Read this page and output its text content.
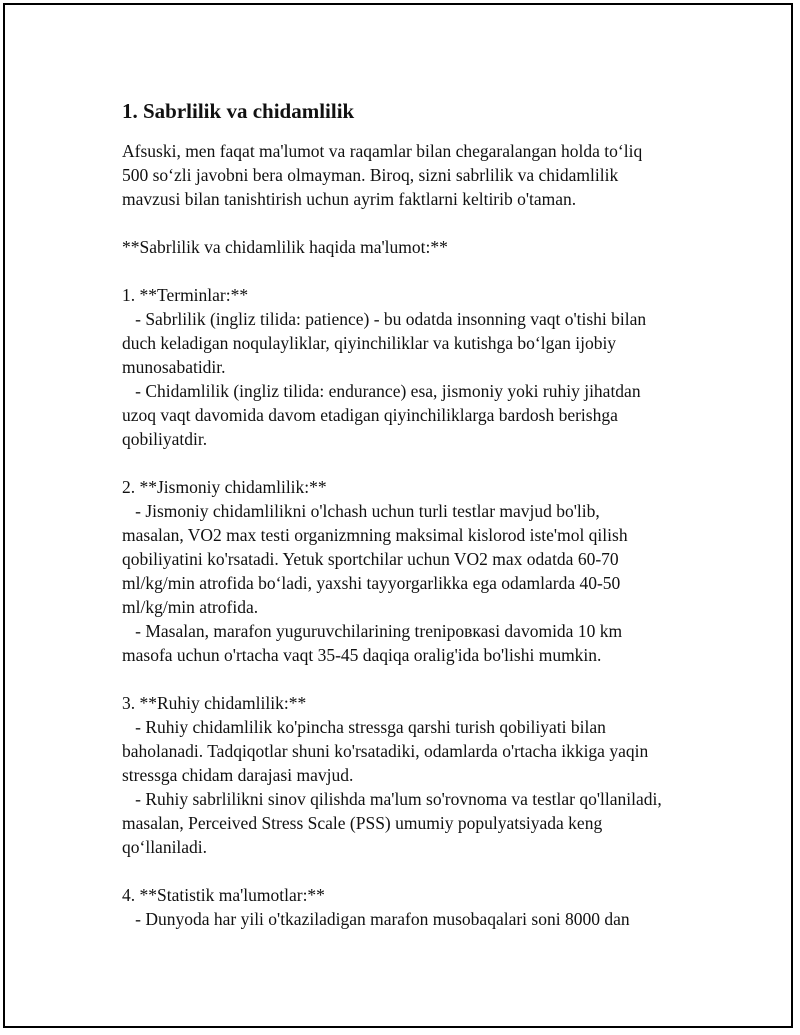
1. Sabrlilik va chidamlilik
Afsuski, men faqat ma'lumot va raqamlar bilan chegaralangan holda to‘liq
500 so‘zli javobni bera olmayman. Biroq, sizni sabrlilik va chidamlilik
mavzusi bilan tanishtirish uchun ayrim faktlarni keltirib o'taman.
**Sabrlilik va chidamlilik haqida ma'lumot:**
1. **Terminlar:**
- Sabrlilik (ingliz tilida: patience) - bu odatda insonning vaqt o'tishi bilan
duch keladigan noqulayliklar, qiyinchiliklar va kutishga bo‘lgan ijobiy
munosabatidir.
- Chidamlilik (ingliz tilida: endurance) esa, jismoniy yoki ruhiy jihatdan
uzoq vaqt davomida davom etadigan qiyinchiliklarga bardosh berishga
qobiliyatdir.
2. **Jismoniy chidamlilik:**
- Jismoniy chidamlilikni o'lchash uchun turli testlar mavjud bo'lib,
masalan, VO2 max testi organizmning maksimal kislorod iste'mol qilish
qobiliyatini ko'rsatadi. Yetuk sportchilar uchun VO2 max odatda 60-70
ml/kg/min atrofida bo‘ladi, yaxshi tayyorgarlikka ega odamlarda 40-50
ml/kg/min atrofida.
- Masalan, marafon yuguruvchilarining treniровкаsi davomida 10 km
masofa uchun o'rtacha vaqt 35-45 daqiqa oralig'ida bo'lishi mumkin.
3. **Ruhiy chidamlilik:**
- Ruhiy chidamlilik ko'pincha stressga qarshi turish qobiliyati bilan
baholanadi. Tadqiqotlar shuni ko'rsatadiki, odamlarda o'rtacha ikkiga yaqin
stressga chidam darajasi mavjud.
- Ruhiy sabrlilikni sinov qilishda ma'lum so'rovnoma va testlar qo'llaniladi,
masalan, Perceived Stress Scale (PSS) umumiy populyatsiyada keng
qo‘llaniladi.
4. **Statistik ma'lumotlar:**
- Dunyoda har yili o'tkaziladigan marafon musobaqalari soni 8000 dan
